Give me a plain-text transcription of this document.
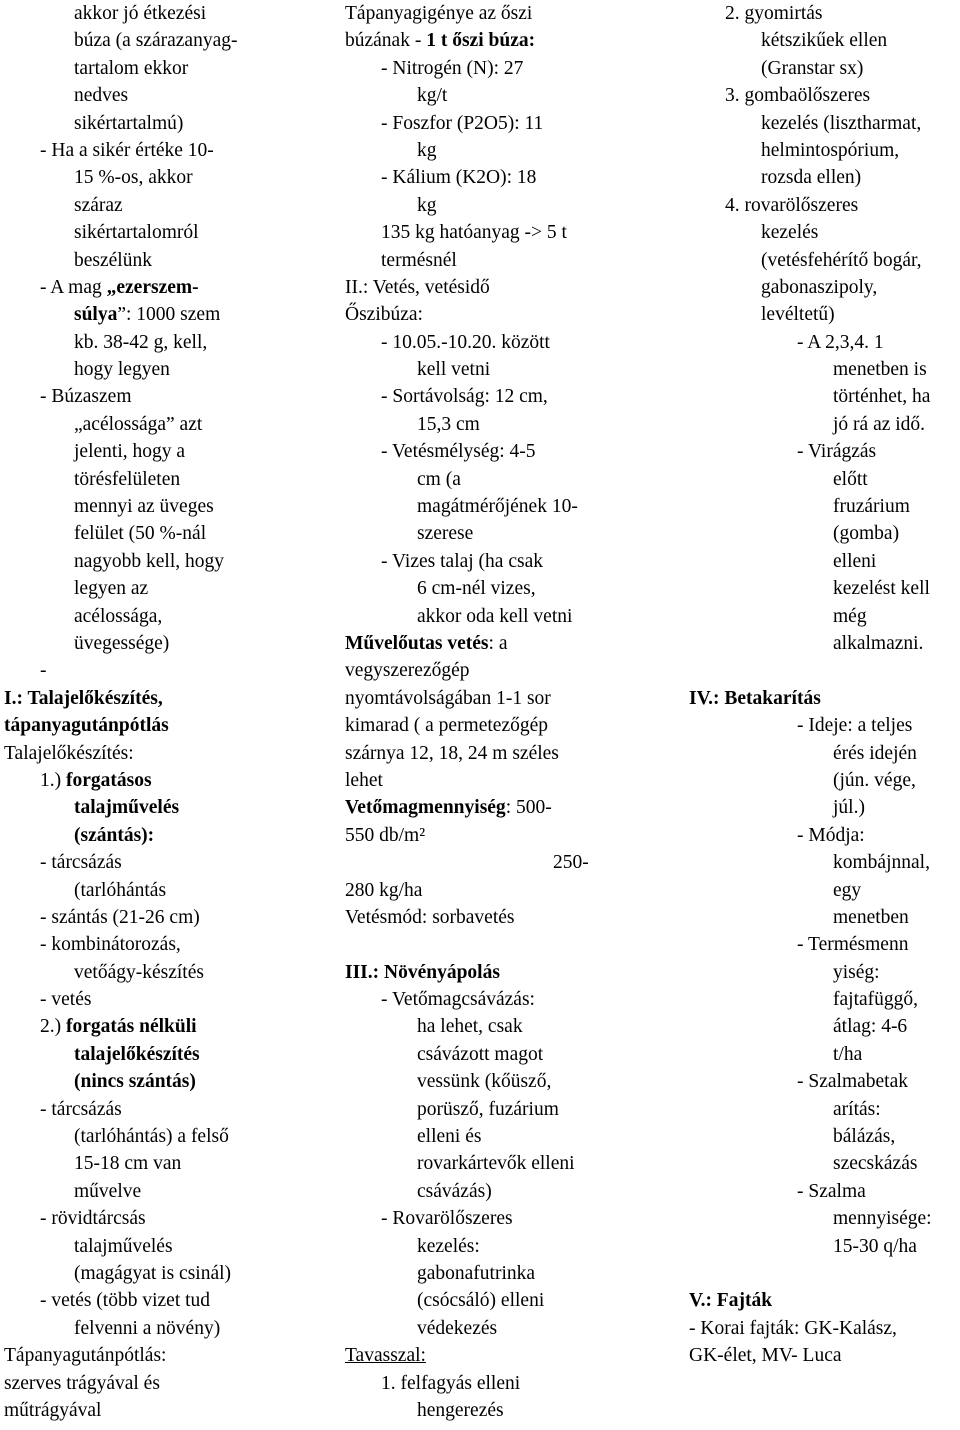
akkor jó étkezési
búza (a szárazanyag-
tartalom ekkor
nedves
sikértartalmú)
- Ha a sikér értéke 10-
15 %-os, akkor
száraz
sikértartalomról
beszélünk
- A mag „ezerszem-
súlya”: 1000 szem
kb. 38-42 g, kell,
hogy legyen
- Búzaszem
„acélossága” azt
jelenti, hogy a
törésfelületen
mennyi az üveges
felület (50 %-nál
nagyobb kell, hogy
legyen az
acélossága,
üvegessége)
-
I.: Talajelőkészítés,
tápanyagutánpótlás
Talajelőkészítés:
1.) forgatásos
talajművelés
(szántás):
- tárcsázás
(tarlóhántás
- szántás (21-26 cm)
- kombinátorozás,
vetőágy-készítés
- vetés
2.) forgatás nélküli
talajelőkészítés
(nincs szántás)
- tárcsázás
(tarlóhántás) a felső
15-18 cm van
művelve
- rövidtárcsás
talajművelés
(magágyat is csinál)
- vetés (több vizet tud
felvenni a növény)
Tápanyagutánpótlás:
szerves trágyával és
műtrágyával
Tápanyagigénye az őszi
búzának - 1 t őszi búza:
- Nitrogén (N): 27
kg/t
- Foszfor (P2O5): 11
kg
- Kálium (K2O): 18
kg
135 kg hatóanyag -> 5 t
termésnél
II.: Vetés, vetésidő
Őszibúza:
- 10.05.-10.20. között
kell vetni
- Sortávolság: 12 cm,
15,3 cm
- Vetésmélység: 4-5
cm (a
magátmérőjének 10-
szerese
- Vizes talaj (ha csak
6 cm-nél vizes,
akkor oda kell vetni
Művelőutas vetés: a
vegyszerezőgép
nyomtávolságában 1-1 sor
kimarad ( a permetezőgép
szárnya 12, 18, 24 m széles
lehet
Vetőmagmennyiség: 500-
550 db/m²
250-
280 kg/ha
Vetésmód: sorbavetés
III.: Növényápolás
- Vetőmagcsávázás:
ha lehet, csak
csávázott magot
vessünk (kőüsző,
porüsző, fuzárium
elleni és
rovarkártevők elleni
csávázás)
- Rovarölőszeres
kezelés:
gabonafutrinka
(csócsáló) elleni
védekezés
Tavasszal:
1. felfagyás elleni
hengerezés
2. gyomirtás
kétszikűek ellen
(Granstar sx)
3. gombaölőszeres
kezelés (lisztharmat,
helmintospórium,
rozsda ellen)
4. rovarölőszeres
kezelés
(vetésfehérítő bogár,
gabonaszipoly,
levéltetű)
- A 2,3,4. 1
menetben is
történhet, ha
jó rá az idő.
- Virágzás
előtt
fruzárium
(gomba)
elleni
kezelést kell
még
alkalmazni.
IV.: Betakarítás
- Ideje: a teljes
érés idején
(jún. vége,
júl.)
- Módja:
kombájnnal,
egy
menetben
- Termésmenn
yiség:
fajtafüggő,
átlag: 4-6
t/ha
- Szalmabetak
arítás:
bálázás,
szecskázás
- Szalma
mennyisége:
15-30 q/ha
V.: Fajták
- Korai fajták: GK-Kalász,
GK-élet, MV- Luca
